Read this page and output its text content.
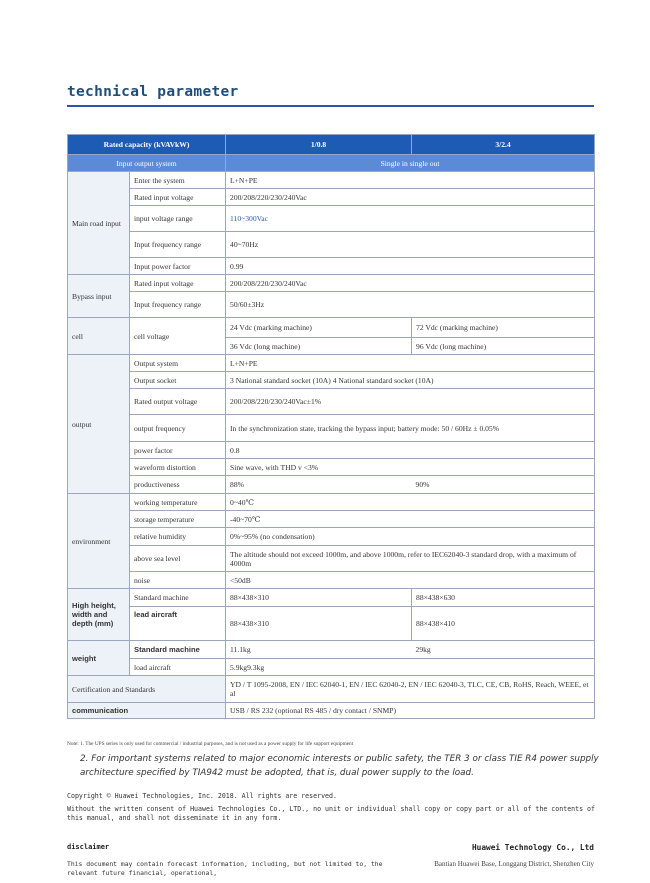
technical parameter
Rated capacity (kVAVkW)		1/0.8	3/2.4
Input output system		Single in single out	
Main road input	Enter the system	L+N+PE	
	Rated input voltage	200/208/220/230/240Vac	
	input voltage range	110~300Vac	
	Input frequency range	40~70Hz	
	Input power factor	0.99	
Bypass input	Rated input voltage	200/208/220/230/240Vac	
	Input frequency range	50/60±3Hz	
cell	cell voltage	24 Vdc (marking machine)	72 Vdc (marking machine)
		36 Vdc (long machine)	96 Vdc (long machine)
output	Output system	L+N+PE	
	Output socket	3 National standard socket (10A) 4 National standard socket (10A)	
	Rated output voltage	200/208/220/230/240Vac±1%	
	output frequency	In the synchronization state, tracking the bypass input; battery mode: 50 / 60Hz ± 0.05%	
	power factor	0.8	
	waveform distortion	Sine wave, with THD v <3%	
	productiveness	88%	90%
environment	working temperature	0~40℃	
	storage temperature	-40~70℃	
	relative humidity	0%~95% (no condensation)	
	above sea level	The altitude should not exceed 1000m, and above 1000m, refer to IEC62040-3 standard drop, with a maximum of 4000m	
	noise	<50dB	
High height, width and depth (mm)	Standard machine	88×438×310	88×438×630
	lead aircraft	88×438×310	88×438×410
weight	Standard machine	11.1kg	29kg
	load aircraft	5.9kg9.3kg	
Certification and Standards		YD / T 1095-2008, EN / IEC 62040-1, EN / IEC 62040-2, EN / IEC 62040-3, TLC, CE, CB, RoHS, Reach, WEEE, et al	
communication		USB / RS 232 (optional RS 485 / dry contact / SNMP)	
Note: 1. The UPS series is only used for commercial / industrial purposes, and is not used as a power supply for life support equipment
2. For important systems related to major economic interests or public safety, the TER 3 or class TIE R4 power supply architecture specified by TIA942 must be adopted, that is, dual power supply to the load.
Copyright © Huawei Technologies, Inc. 2018. All rights are reserved.
Without the written consent of Huawei Technologies Co., LTD., no unit or individual shall copy or copy part or all of the contents of this manual, and shall not disseminate it in any form.
disclaimer	Huawei Technology Co., Ltd
This document may contain forecast information, including, but not limited to, the relevant future financial, operational,
Bantian Huawei Base, Longgang District, Shenzhen City
